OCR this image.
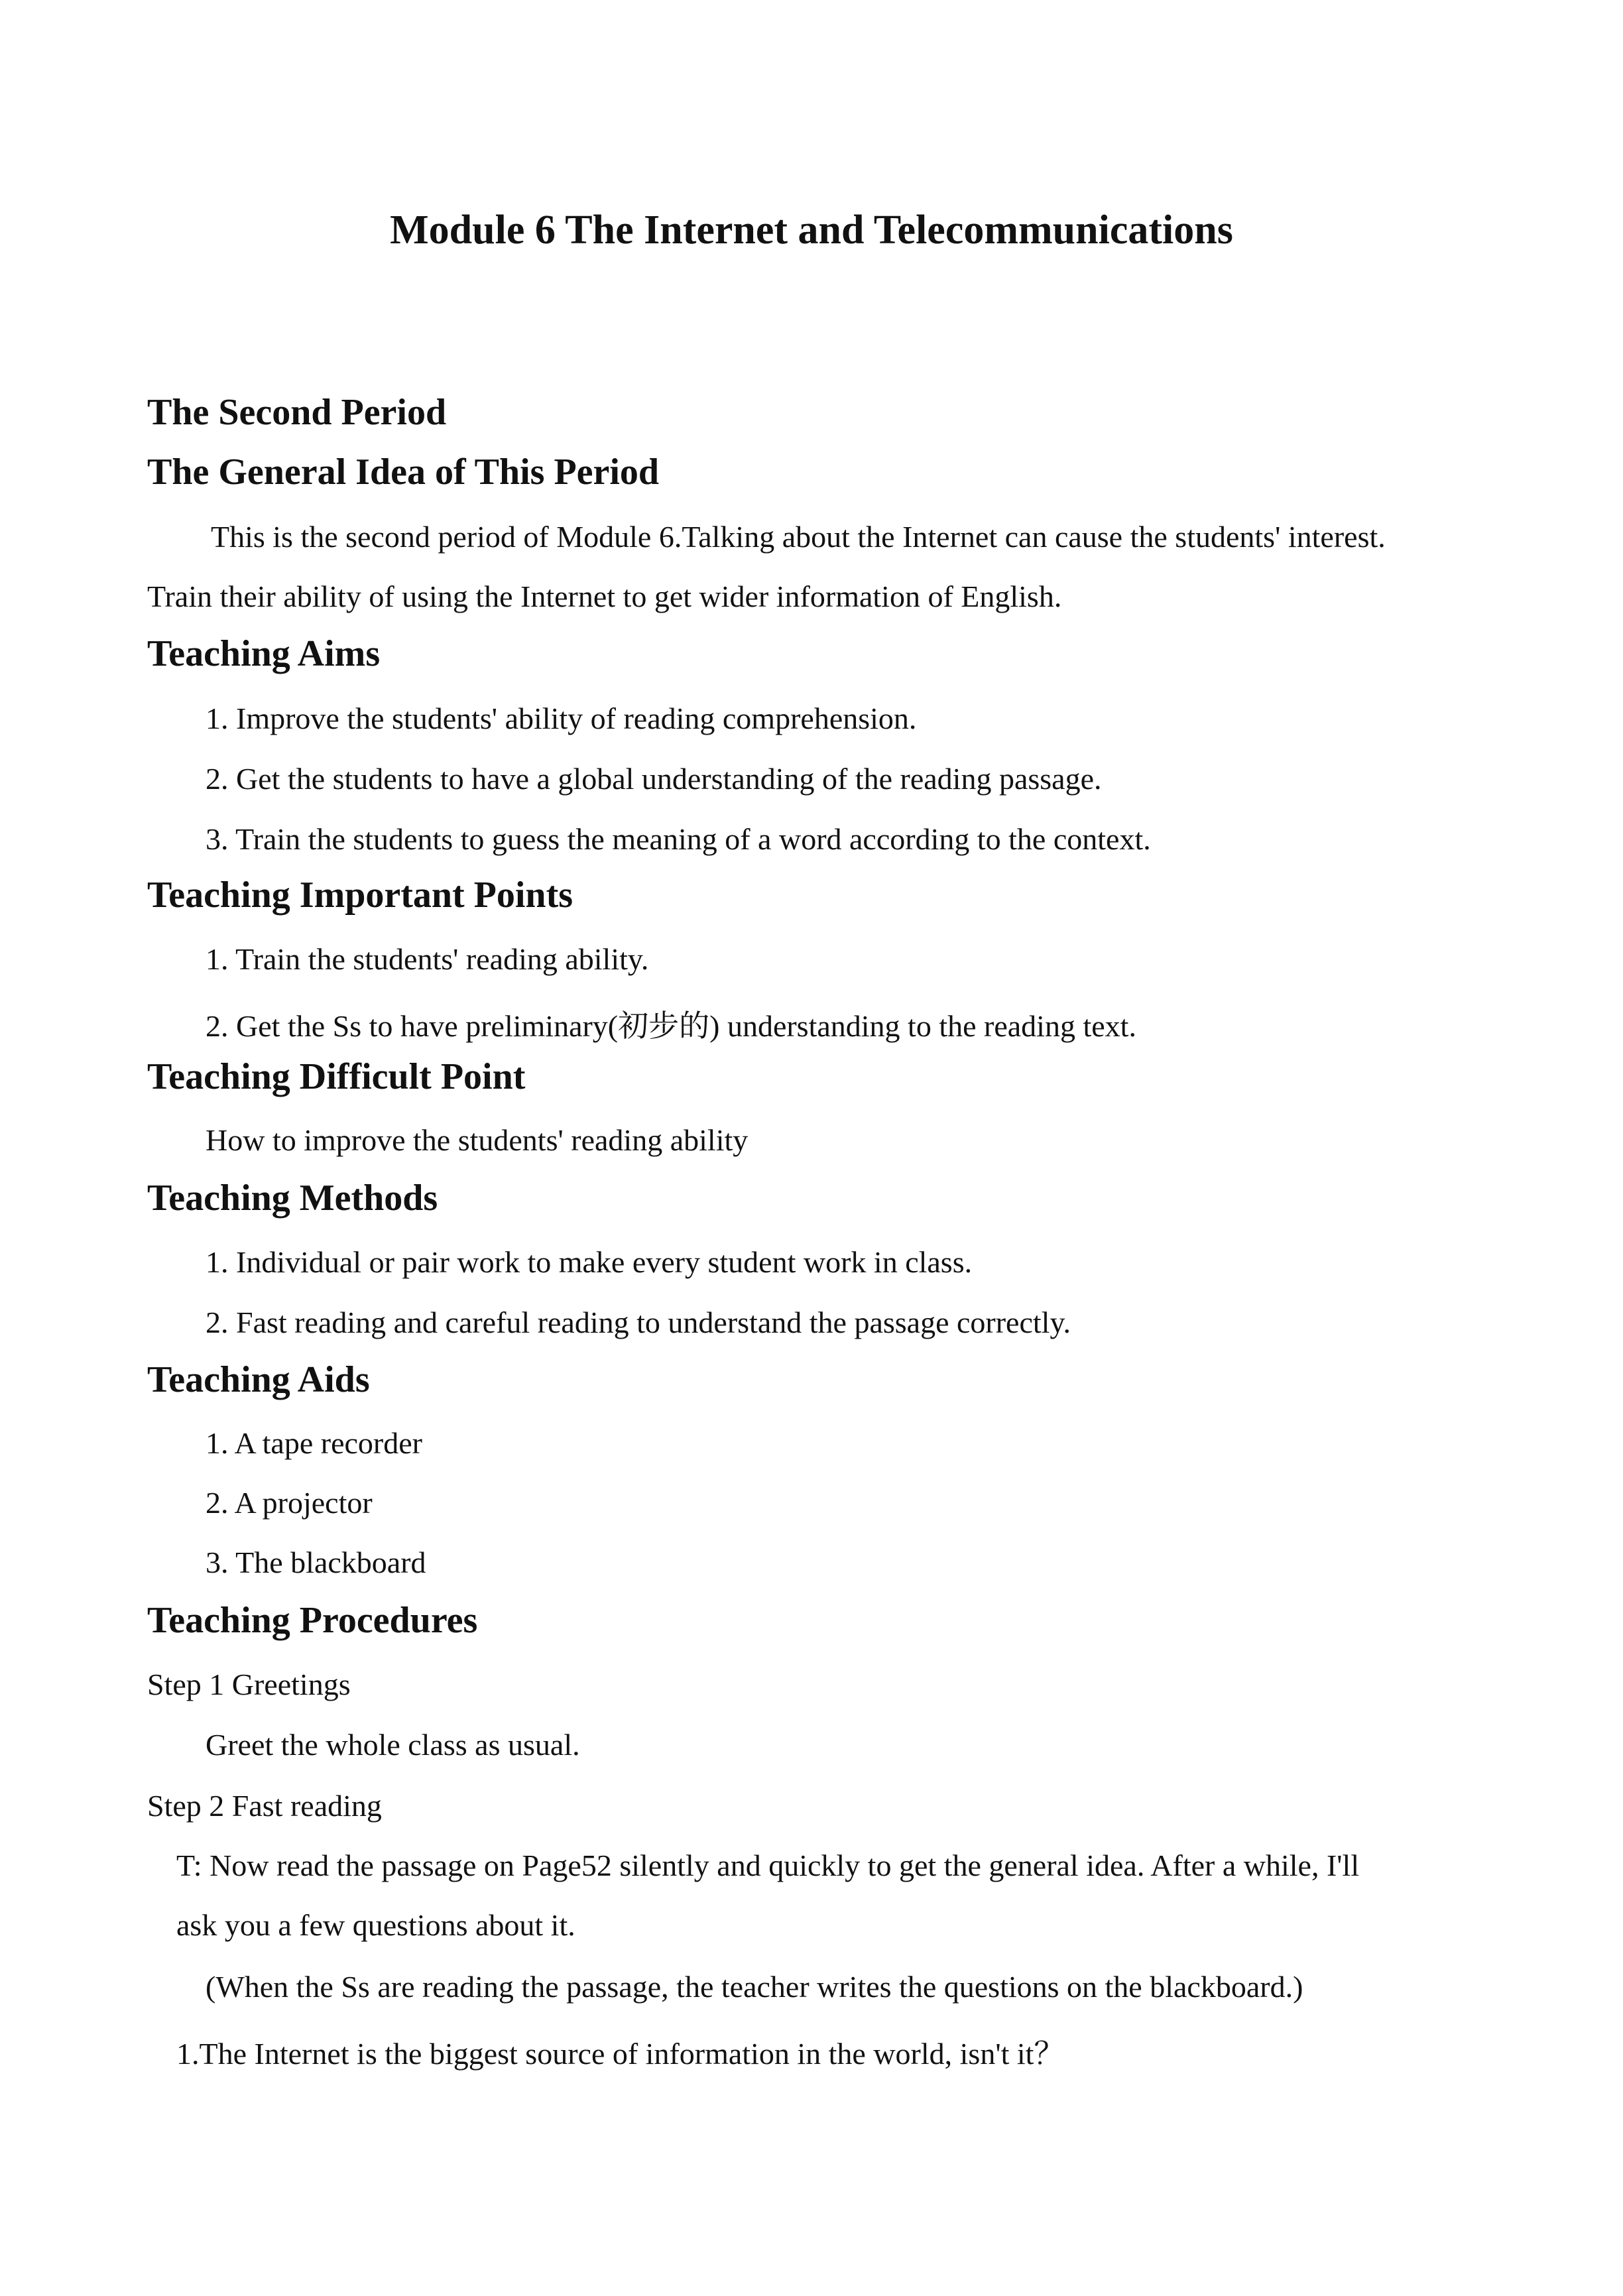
Module 6 The Internet and Telecommunications
The Second Period
The General Idea of This Period
This is the second period of Module 6.Talking about the Internet can cause the students' interest.
Train their ability of using the Internet to get wider information of English.
Teaching Aims
1. Improve the students' ability of reading comprehension.
2. Get the students to have a global understanding of the reading passage.
3. Train the students to guess the meaning of a word according to the context.
Teaching Important Points
1. Train the students' reading ability.
2. Get the Ss to have preliminary(初步的) understanding to the reading text.
Teaching Difficult Point
How to improve the students' reading ability
Teaching Methods
1. Individual or pair work to make every student work in class.
2. Fast reading and careful reading to understand the passage correctly.
Teaching Aids
1. A tape recorder
2. A projector
3. The blackboard
Teaching Procedures
Step 1 Greetings
Greet the whole class as usual.
Step 2 Fast reading
T: Now read the passage on Page52 silently and quickly to get the general idea. After a while, I'll
ask you a few questions about it.
(When the Ss are reading the passage, the teacher writes the questions on the blackboard.)
1.The Internet is the biggest source of information in the world, isn't it？
